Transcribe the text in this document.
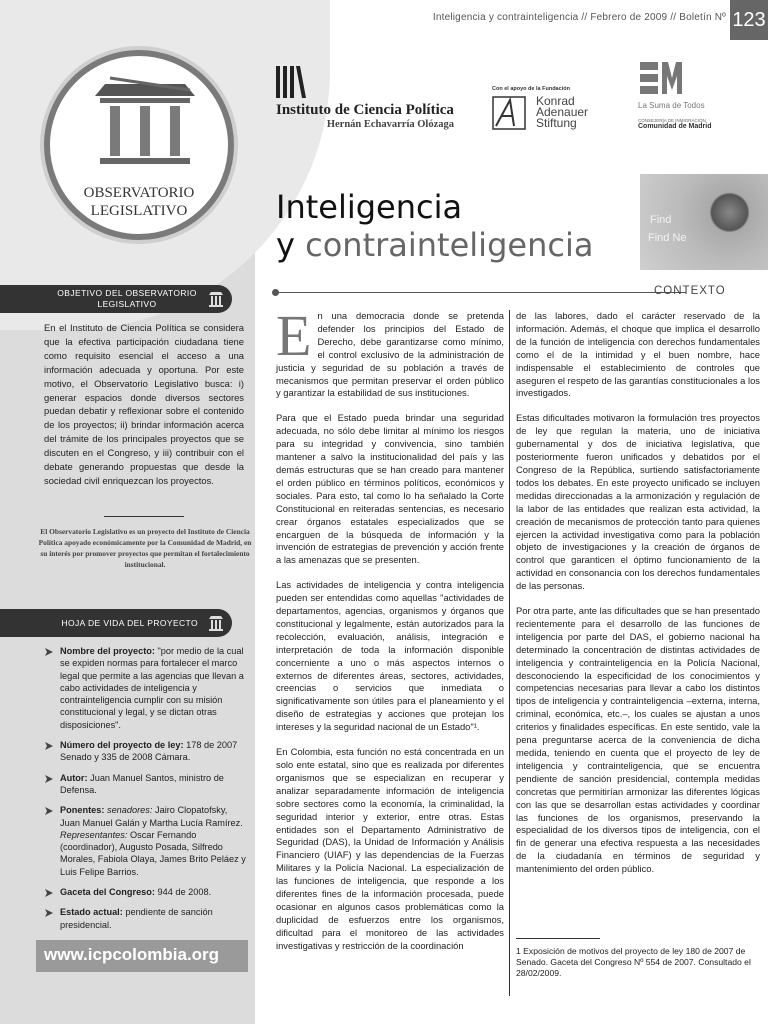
Inteligencia y contrainteligencia // Febrero de 2009 // Boletín Nº 123
OBSERVATORIO LEGISLATIVO
Instituto de Ciencia Política
Hernán Echavarría Olózaga
Con el apoyo de la Fundación
Konrad Adenauer Stiftung
La Suma de Todos
CONSEJERÍA DE INMIGRACIÓN
Comunidad de Madrid
Inteligencia
y contrainteligencia
Find
Find Ne
CONTEXTO

En una democracia donde se pretenda defender los principios del Estado de Derecho, debe garantizarse como mínimo, el control exclusivo de la administración de justicia y seguridad de su población a través de mecanismos que permitan preservar el orden público y garantizar la estabilidad de sus instituciones.

Para que el Estado pueda brindar una seguridad adecuada, no sólo debe limitar al mínimo los riesgos para su integridad y convivencia, sino también mantener a salvo la institucionalidad del país y las demás estructuras que se han creado para mantener el orden público en términos políticos, económicos y sociales. Para esto, tal como lo ha señalado la Corte Constitucional en reiteradas sentencias, es necesario crear órganos estatales especializados que se encarguen de la búsqueda de información y la invención de estrategias de prevención y acción frente a las amenazas que se presenten.

Las actividades de inteligencia y contra inteligencia pueden ser entendidas como aquellas "actividades de departamentos, agencias, organismos y órganos que constitucional y legalmente, están autorizados para la recolección, evaluación, análisis, integración e interpretación de toda la información disponible concerniente a uno o más aspectos internos o externos de diferentes áreas, sectores, actividades, creencias o servicios que inmediata o significativamente son útiles para el planeamiento y el diseño de estrategias y acciones que protejan los intereses y la seguridad nacional de un Estado"¹.

En Colombia, esta función no está concentrada en un solo ente estatal, sino que es realizada por diferentes organismos que se especializan en recuperar y analizar separadamente información de inteligencia sobre sectores como la economía, la criminalidad, la seguridad interior y exterior, entre otras. Estas entidades son el Departamento Administrativo de Seguridad (DAS), la Unidad de Información y Análisis Financiero (UIAF) y las dependencias de la Fuerzas Militares y la Policía Nacional. La especialización de las funciones de inteligencia, que responde a los diferentes fines de la información procesada, puede ocasionar en algunos casos problemáticas como la duplicidad de esfuerzos entre los organismos, dificultad para el monitoreo de las actividades investigativas y restricción de la coordinación

de las labores, dado el carácter reservado de la información. Además, el choque que implica el desarrollo de la función de inteligencia con derechos fundamentales como el de la intimidad y el buen nombre, hace indispensable el establecimiento de controles que aseguren el respeto de las garantías constitucionales a los investigados.

Estas dificultades motivaron la formulación tres proyectos de ley que regulan la materia, uno de iniciativa gubernamental y dos de iniciativa legislativa, que posteriormente fueron unificados y debatidos por el Congreso de la República, surtiendo satisfactoriamente todos los debates. En este proyecto unificado se incluyen medidas direccionadas a la armonización y regulación de la labor de las entidades que realizan esta actividad, la creación de mecanismos de protección tanto para quienes ejercen la actividad investigativa como para la población objeto de investigaciones y la creación de órganos de control que garanticen el óptimo funcionamiento de la actividad en consonancia con los derechos fundamentales de las personas.

Por otra parte, ante las dificultades que se han presentado recientemente para el desarrollo de las funciones de inteligencia por parte del DAS, el gobierno nacional ha determinado la concentración de distintas actividades de inteligencia y contrainteligencia en la Policía Nacional, desconociendo la especificidad de los conocimientos y competencias necesarias para llevar a cabo los distintos tipos de inteligencia y contrainteligencia –externa, interna, criminal, económica, etc.–, los cuales se ajustan a unos criterios y finalidades específicas. En este sentido, vale la pena preguntarse acerca de la conveniencia de dicha medida, teniendo en cuenta que el proyecto de ley de inteligencia y contrainteligencia, que se encuentra pendiente de sanción presidencial, contempla medidas concretas que permitirían armonizar las diferentes lógicas con las que se desarrollan estas actividades y coordinar las funciones de los organismos, preservando la especialidad de los diversos tipos de inteligencia, con el fin de generar una efectiva respuesta a las necesidades de la ciudadanía en términos de seguridad y mantenimiento del orden público.

1 Exposición de motivos del proyecto de ley 180 de 2007 de Senado. Gaceta del Congreso Nº 554 de 2007. Consultado el 28/02/2009.
OBJETIVO DEL OBSERVATORIO LEGISLATIVO
En el Instituto de Ciencia Política se considera que la efectiva participación ciudadana tiene como requisito esencial el acceso a una información adecuada y oportuna. Por este motivo, el Observatorio Legislativo busca: i) generar espacios donde diversos sectores puedan debatir y reflexionar sobre el contenido de los proyectos; ii) brindar información acerca del trámite de los principales proyectos que se discuten en el Congreso, y iii) contribuir con el debate generando propuestas que desde la sociedad civil enriquezcan los proyectos.
El Observatorio Legislativo es un proyecto del Instituto de Ciencia Política apoyado económicamente por la Comunidad de Madrid, en su interés por promover proyectos que permitan el fortalecimiento institucional.
HOJA DE VIDA DEL PROYECTO
Nombre del proyecto: "por medio de la cual se expiden normas para fortalecer el marco legal que permite a las agencias que llevan a cabo actividades de inteligencia y contrainteligencia cumplir con su misión constitucional y legal, y se dictan otras disposiciones".
Número del proyecto de ley: 178 de 2007 Senado y 335 de 2008 Cámara.
Autor: Juan Manuel Santos, ministro de Defensa.
Ponentes: senadores: Jairo Clopatofsky, Juan Manuel Galán y Martha Lucía Ramírez. Representantes: Oscar Fernando (coordinador), Augusto Posada, Silfredo Morales, Fabiola Olaya, James Brito Peláez y Luis Felipe Barrios.
Gaceta del Congreso: 944 de 2008.
Estado actual: pendiente de sanción presidencial.
www.icpcolombia.org
